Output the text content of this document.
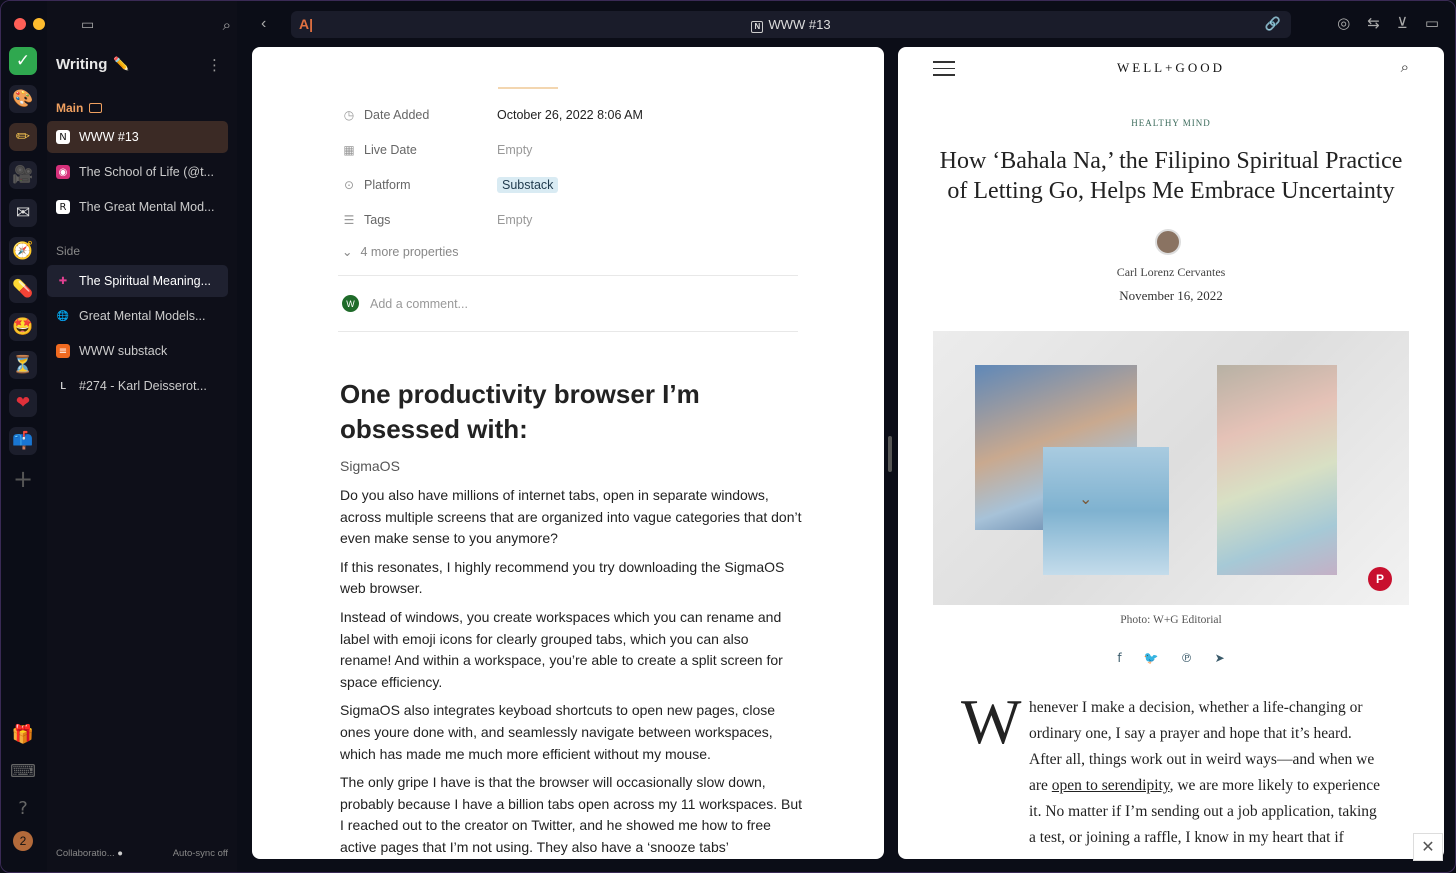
✓
🎨
✏
🎥
✉
🧭
💊
🤩
⏳
❤
📫
+
🎁
⌨
?
2
▭	⌕
Writing ✏️	⋮
Main
N WWW #13
◉ The School of Life (@t...
R The Great Mental Mod...
Side
✚ The Spiritual Meaning...
🌐 Great Mental Models...
≡ WWW substack
L	#274 - Karl Deisserot...
Collaboratio... ●	Auto-sync off
‹ A|	N WWW #13	🔗	◎ ⇆ ⊻ ▭
◷ Date Added	October 26, 2022 8:06 AM
▦ Live Date	Empty
⊙ Platform	Substack
☰ Tags	Empty
⌄ 4 more properties
W	Add a comment...
One productivity browser I’m obsessed with:
SigmaOS

Do you also have millions of internet tabs, open in separate windows, across multiple screens that are organized into vague categories that don’t even make sense to you anymore?

If this resonates, I highly recommend you try downloading the SigmaOS web browser.

Instead of windows, you create workspaces which you can rename and label with emoji icons for clearly grouped tabs, which you can also rename! And within a workspace, you’re able to create a split screen for space efficiency.

SigmaOS also integrates keyboad shortcuts to open new pages, close ones youre done with, and seamlessly navigate between workspaces, which has made me much more efficient without my mouse.

The only gripe I have is that the browser will occasionally slow down, probably because I have a billion tabs open across my 11 workspaces. But I reached out to the creator on Twitter, and he showed me how to free active pages that I’m not using. They also have a ‘snooze tabs’

WELL+GOOD	⌕
HEALTHY MIND
How ‘Bahala Na,’ the Filipino Spiritual Practice of Letting Go, Helps Me Embrace Uncertainty
Carl Lorenz Cervantes
November 16, 2022
⌄
P
Photo: W+G Editorial
f 🐦 ℗ ➤
W henever I make a decision, whether a life-changing or ordinary one, I say a prayer and hope that it’s heard. After all, things work out in weird ways—and when we are open to serendipity, we are more likely to experience it. No matter if I’m sending out a job application, taking a test, or joining a raffle, I know in my heart that if
✕
